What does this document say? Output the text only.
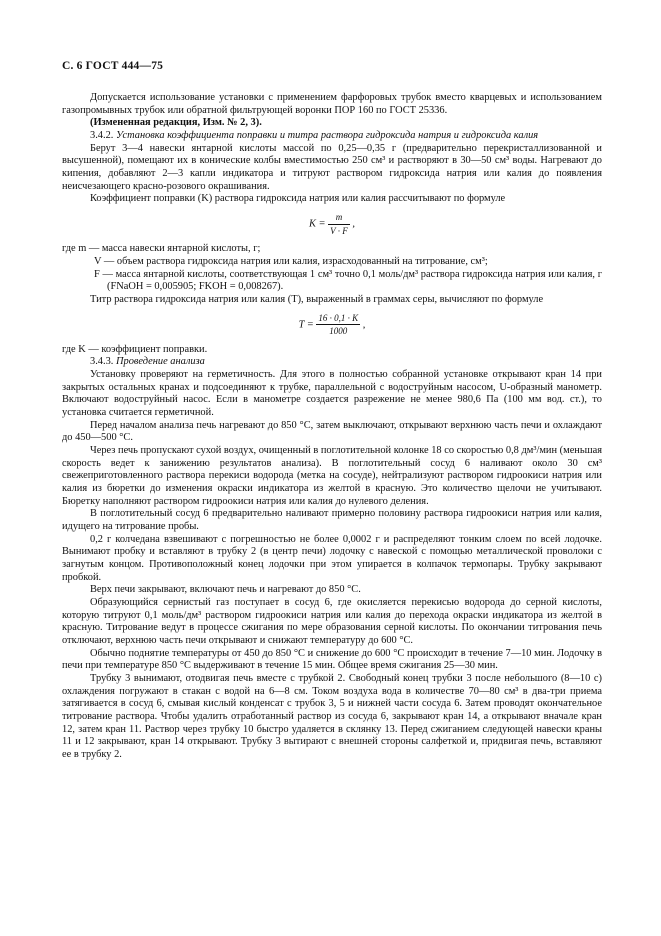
С. 6 ГОСТ 444—75

Допускается использование установки с применением фарфоровых трубок вместо кварцевых и использованием газопромывных трубок или обратной фильтрующей воронки ПОР 160 по ГОСТ 25336.

(Измененная редакция, Изм. № 2, 3).

3.4.2. Установка коэффициента поправки и титра раствора гидроксида натрия и гидроксида калия

Берут 3—4 навески янтарной кислоты массой по 0,25—0,35 г (предварительно перекристаллизованной и высушенной), помещают их в конические колбы вместимостью 250 см³ и растворяют в 30—50 см³ воды. Нагревают до кипения, добавляют 2—3 капли индикатора и титруют раствором гидроксида натрия или калия до появления неисчезающего красно-розового окрашивания.

Коэффициент поправки (K) раствора гидроксида натрия или калия рассчитывают по формуле

$K = \frac{m}{V \cdot F}$ ,

где m — масса навески янтарной кислоты, г;

V — объем раствора гидроксида натрия или калия, израсходованный на титрование, см³;

F — масса янтарной кислоты, соответствующая 1 см³ точно 0,1 моль/дм³ раствора гидроксида натрия или калия, г (FNaOH = 0,005905; FKOH = 0,008267).

Титр раствора гидроксида натрия или калия (T), выраженный в граммах серы, вычисляют по формуле

$T = \frac{16 \cdot 0,1 \cdot K}{1000}$ ,

где K — коэффициент поправки.

3.4.3. Проведение анализа

Установку проверяют на герметичность. Для этого в полностью собранной установке открывают кран 14 при закрытых остальных кранах и подсоединяют к трубке, параллельной с водоструйным насосом, U-образный манометр. Включают водоструйный насос. Если в манометре создается разрежение не менее 980,6 Па (100 мм вод. ст.), то установка считается герметичной.

Перед началом анализа печь нагревают до 850 °С, затем выключают, открывают верхнюю часть печи и охлаждают до 450—500 °С.

Через печь пропускают сухой воздух, очищенный в поглотительной колонке 18 со скоростью 0,8 дм³/мин (меньшая скорость ведет к занижению результатов анализа). В поглотительный сосуд 6 наливают около 30 см³ свежеприготовленного раствора перекиси водорода (метка на сосуде), нейтрализуют раствором гидроокиси натрия или калия из бюретки до изменения окраски индикатора из желтой в красную. Это количество щелочи не учитывают. Бюретку наполняют раствором гидроокиси натрия или калия до нулевого деления.

В поглотительный сосуд 6 предварительно наливают примерно половину раствора гидроокиси натрия или калия, идущего на титрование пробы.

0,2 г колчедана взвешивают с погрешностью не более 0,0002 г и распределяют тонким слоем по всей лодочке. Вынимают пробку и вставляют в трубку 2 (в центр печи) лодочку с навеской с помощью металлической проволоки с загнутым концом. Противоположный конец лодочки при этом упирается в колпачок термопары. Трубку закрывают пробкой.

Верх печи закрывают, включают печь и нагревают до 850 °С.

Образующийся сернистый газ поступает в сосуд 6, где окисляется перекисью водорода до серной кислоты, которую титруют 0,1 моль/дм³ раствором гидроокиси натрия или калия до перехода окраски индикатора из желтой в красную. Титрование ведут в процессе сжигания по мере образования серной кислоты. По окончании титрования печь отключают, верхнюю часть печи открывают и снижают температуру до 600 °С.

Обычно поднятие температуры от 450 до 850 °С и снижение до 600 °С происходит в течение 7—10 мин. Лодочку в печи при температуре 850 °С выдерживают в течение 15 мин. Общее время сжигания 25—30 мин.

Трубку 3 вынимают, отодвигая печь вместе с трубкой 2. Свободный конец трубки 3 после небольшого (8—10 с) охлаждения погружают в стакан с водой на 6—8 см. Током воздуха вода в количестве 70—80 см³ в два-три приема затягивается в сосуд 6, смывая кислый конденсат с трубок 3, 5 и нижней части сосуда 6. Затем проводят окончательное титрование раствора. Чтобы удалить отработанный раствор из сосуда 6, закрывают кран 14, а открывают вначале кран 12, затем кран 11. Раствор через трубку 10 быстро удаляется в склянку 13. Перед сжиганием следующей навески краны 11 и 12 закрывают, кран 14 открывают. Трубку 3 вытирают с внешней стороны салфеткой и, придвигая печь, вставляют ее в трубку 2.
